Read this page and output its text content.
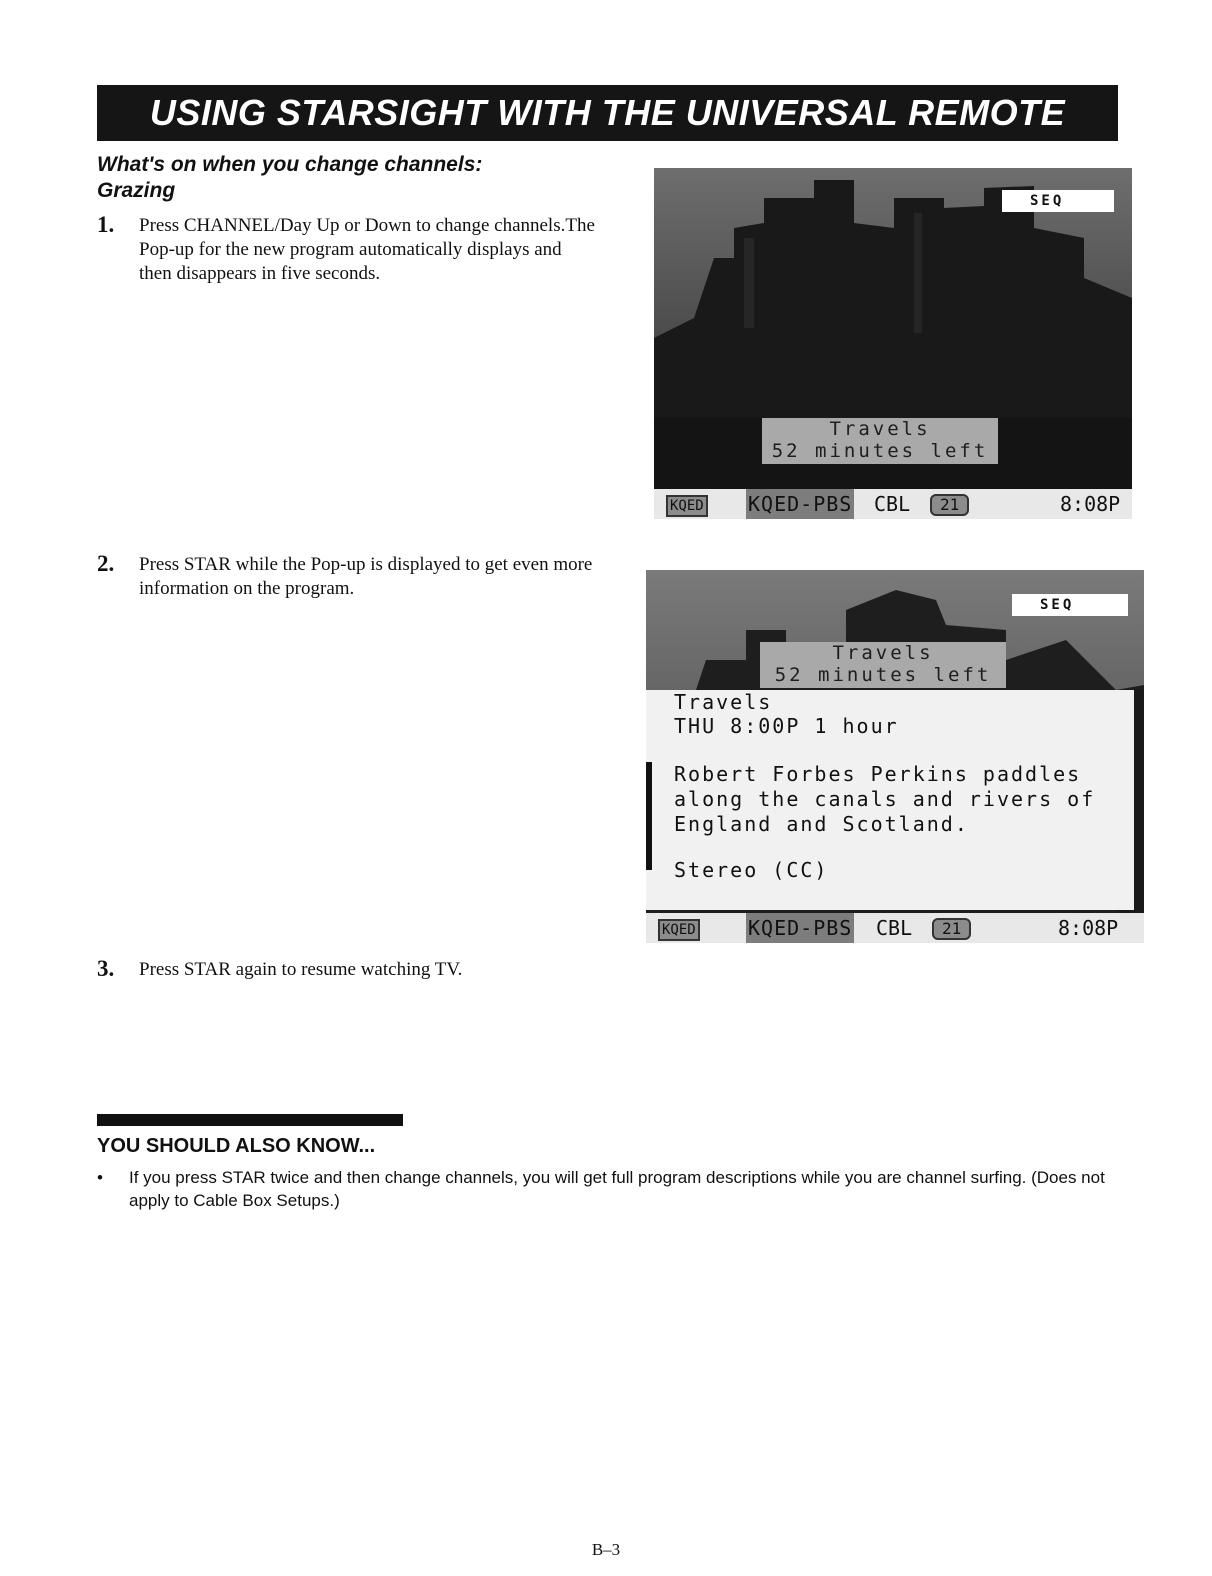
USING STARSIGHT WITH THE UNIVERSAL REMOTE
What's on when you change channels:
Grazing
1. Press CHANNEL/Day Up or Down to change channels.The Pop-up for the new program automatically displays and then disappears in five seconds.
2. Press STAR while the Pop-up is displayed to get even more information on the program.
3. Press STAR again to resume watching TV.
SEQ
Travels
52 minutes left
KQED KQED-PBS CBL	21	8:08P
SEQ
Travels
52 minutes left
Travels
THU 8:00P 1 hour
Robert Forbes Perkins paddles
along the canals and rivers of
England and Scotland.
Stereo (CC)
KQED	KQED-PBS CBL	21	8:08P
YOU SHOULD ALSO KNOW...
• If you press STAR twice and then change channels, you will get full program descriptions while you are channel surfing. (Does not apply to Cable Box Setups.)
B–3
